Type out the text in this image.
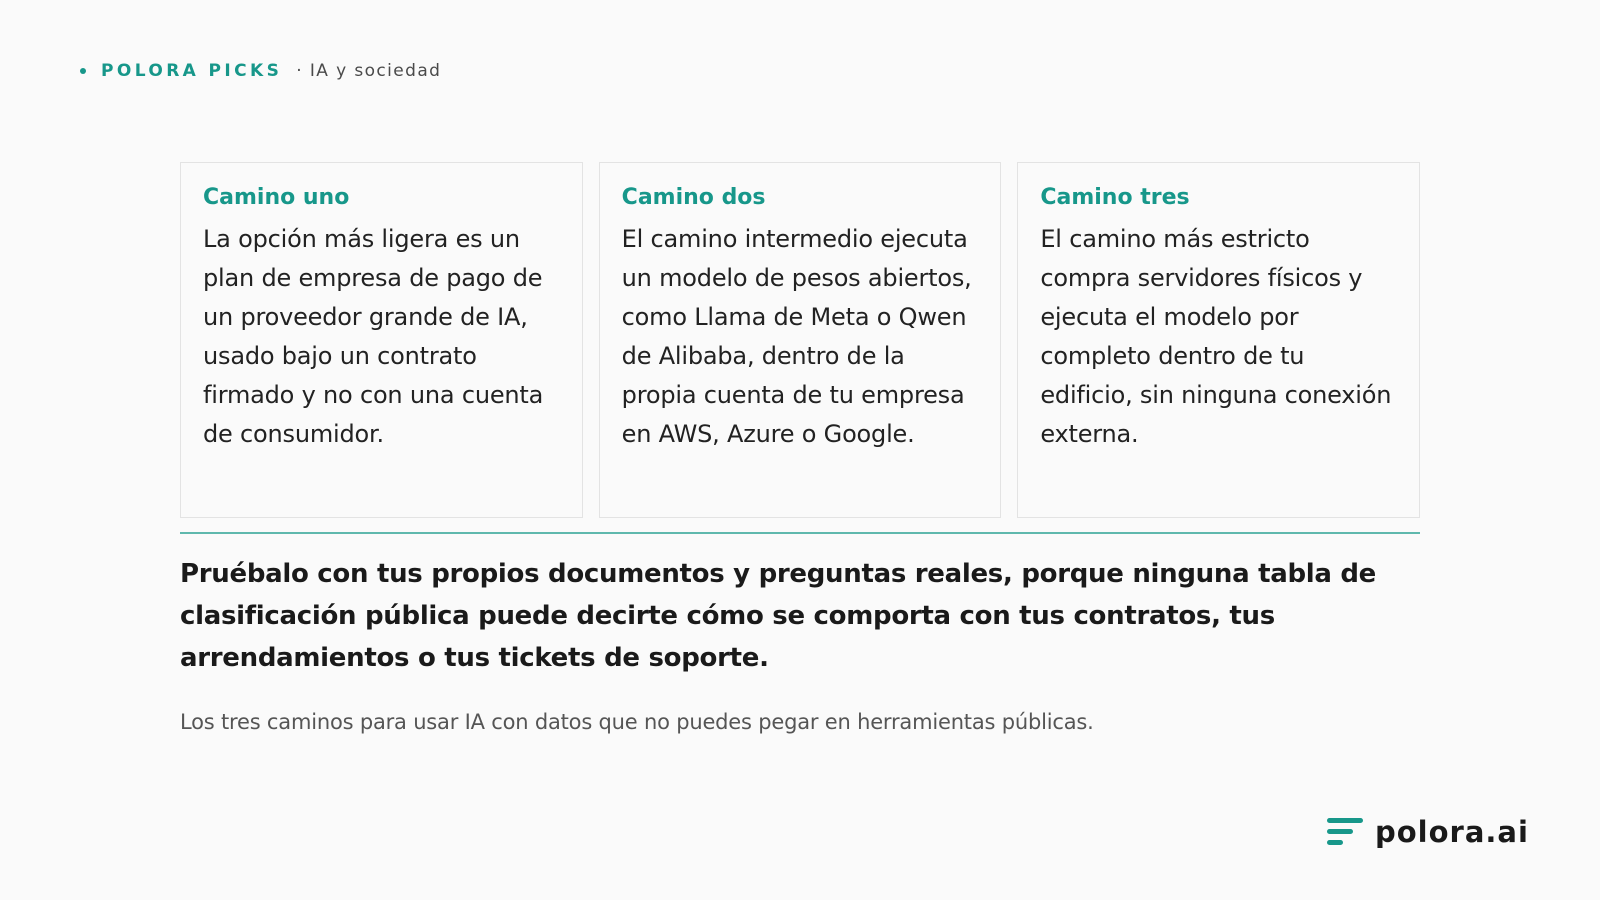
POLORA PICKS · IA y sociedad
Camino uno

La opción más ligera es un plan de empresa de pago de un proveedor grande de IA, usado bajo un contrato firmado y no con una cuenta de consumidor.

Camino dos

El camino intermedio ejecuta un modelo de pesos abiertos, como Llama de Meta o Qwen de Alibaba, dentro de la propia cuenta de tu empresa en AWS, Azure o Google.

Camino tres

El camino más estricto compra servidores físicos y ejecuta el modelo por completo dentro de tu edificio, sin ninguna conexión externa.

Pruébalo con tus propios documentos y preguntas reales, porque ninguna tabla de clasificación pública puede decirte cómo se comporta con tus contratos, tus arrendamientos o tus tickets de soporte.

Los tres caminos para usar IA con datos que no puedes pegar en herramientas públicas.

polora.ai
